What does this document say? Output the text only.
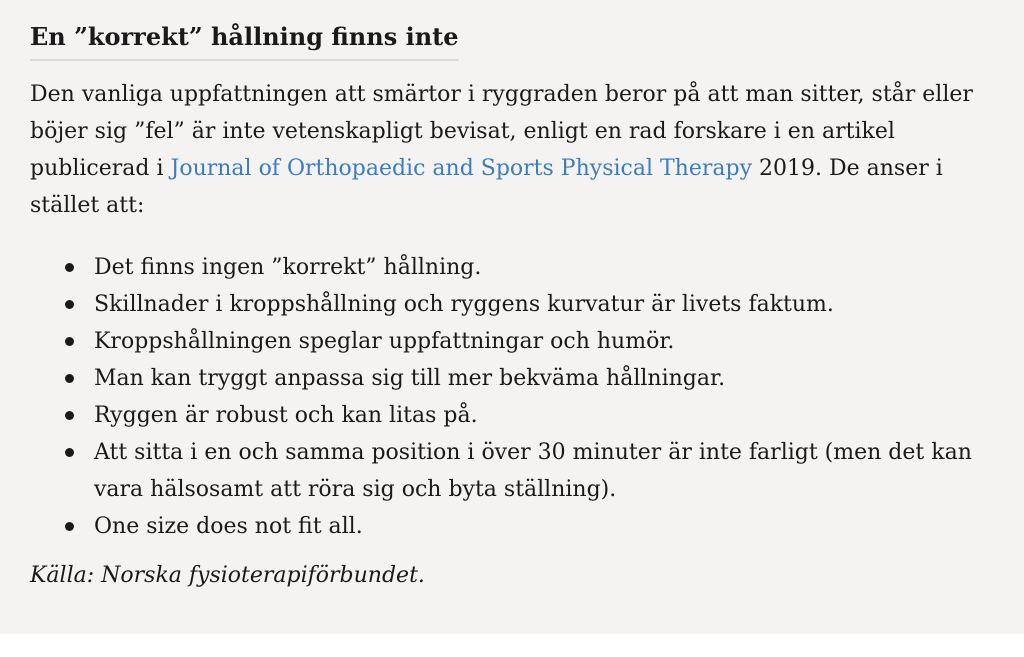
En ”korrekt” hållning finns inte

Den vanliga uppfattningen att smärtor i ryggraden beror på att man sitter, står eller böjer sig ”fel” är inte vetenskapligt bevisat, enligt en rad forskare i en artikel publicerad i Journal of Orthopaedic and Sports Physical Therapy 2019. De anser i stället att:

Det finns ingen ”korrekt” hållning.
Skillnader i kroppshållning och ryggens kurvatur är livets faktum.
Kroppshållningen speglar uppfattningar och humör.
Man kan tryggt anpassa sig till mer bekväma hållningar.
Ryggen är robust och kan litas på.
Att sitta i en och samma position i över 30 minuter är inte farligt (men det kan vara hälsosamt att röra sig och byta ställning).
One size does not fit all.

Källa: Norska fysioterapiförbundet.
